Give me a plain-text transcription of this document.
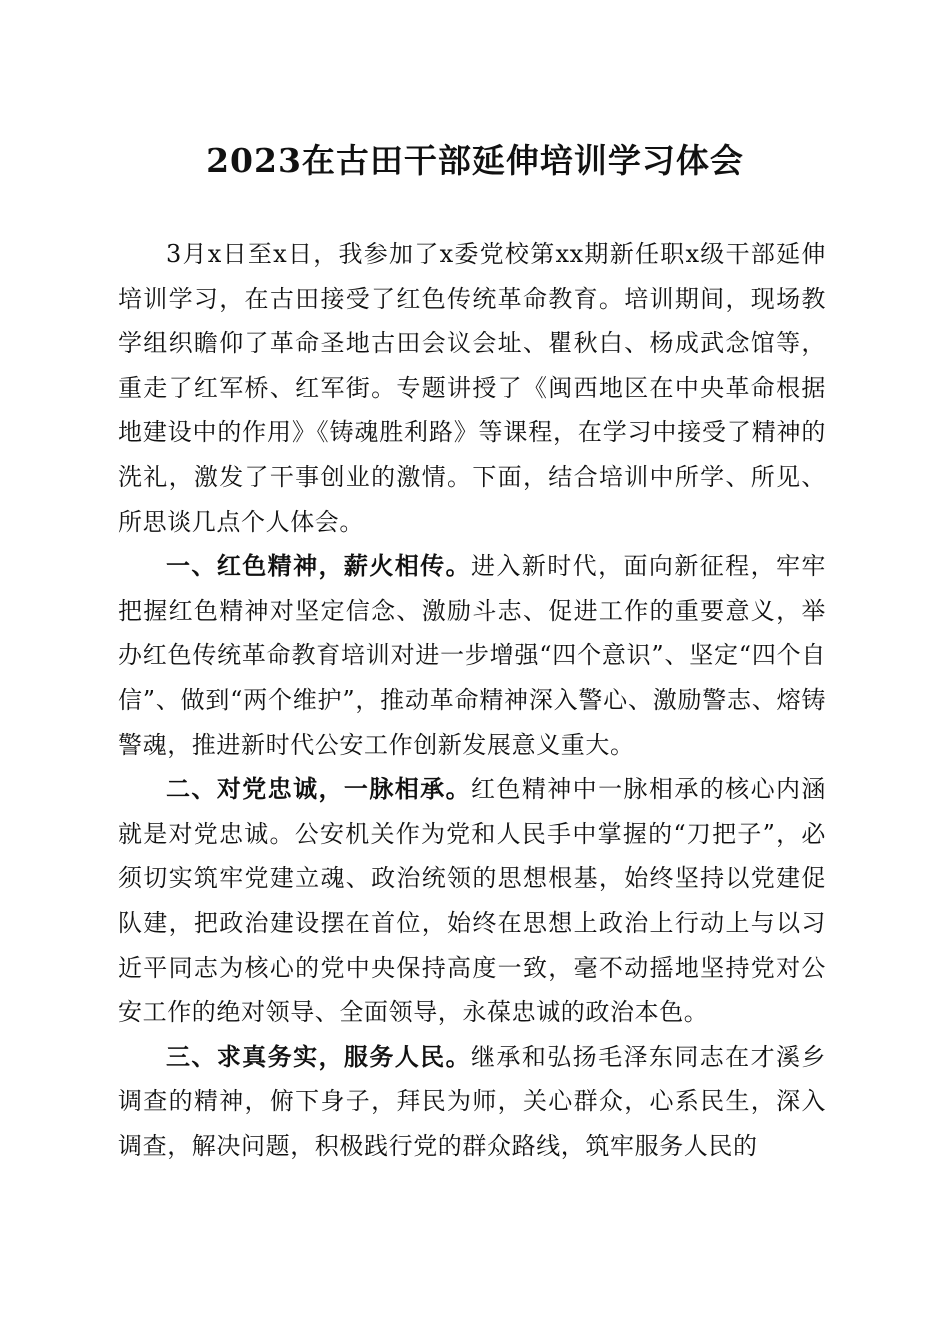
2023在古田干部延伸培训学习体会

3月x日至x日，我参加了x委党校第xx期新任职x级干部延伸培训学习，在古田接受了红色传统革命教育。培训期间，现场教学组织瞻仰了革命圣地古田会议会址、瞿秋白、杨成武念馆等，重走了红军桥、红军街。专题讲授了《闽西地区在中央革命根据地建设中的作用》《铸魂胜利路》等课程，在学习中接受了精神的洗礼，激发了干事创业的激情。下面，结合培训中所学、所见、所思谈几点个人体会。

一、红色精神，薪火相传。进入新时代，面向新征程，牢牢把握红色精神对坚定信念、激励斗志、促进工作的重要意义，举办红色传统革命教育培训对进一步增强“四个意识”、坚定“四个自信”、做到“两个维护”，推动革命精神深入警心、激励警志、熔铸警魂，推进新时代公安工作创新发展意义重大。

二、对党忠诚，一脉相承。红色精神中一脉相承的核心内涵就是对党忠诚。公安机关作为党和人民手中掌握的“刀把子”，必须切实筑牢党建立魂、政治统领的思想根基，始终坚持以党建促队建，把政治建设摆在首位，始终在思想上政治上行动上与以习近平同志为核心的党中央保持高度一致，毫不动摇地坚持党对公安工作的绝对领导、全面领导，永葆忠诚的政治本色。

三、求真务实，服务人民。继承和弘扬毛泽东同志在才溪乡调查的精神，俯下身子，拜民为师，关心群众，心系民生，深入调查，解决问题，积极践行党的群众路线，筑牢服务人民的
